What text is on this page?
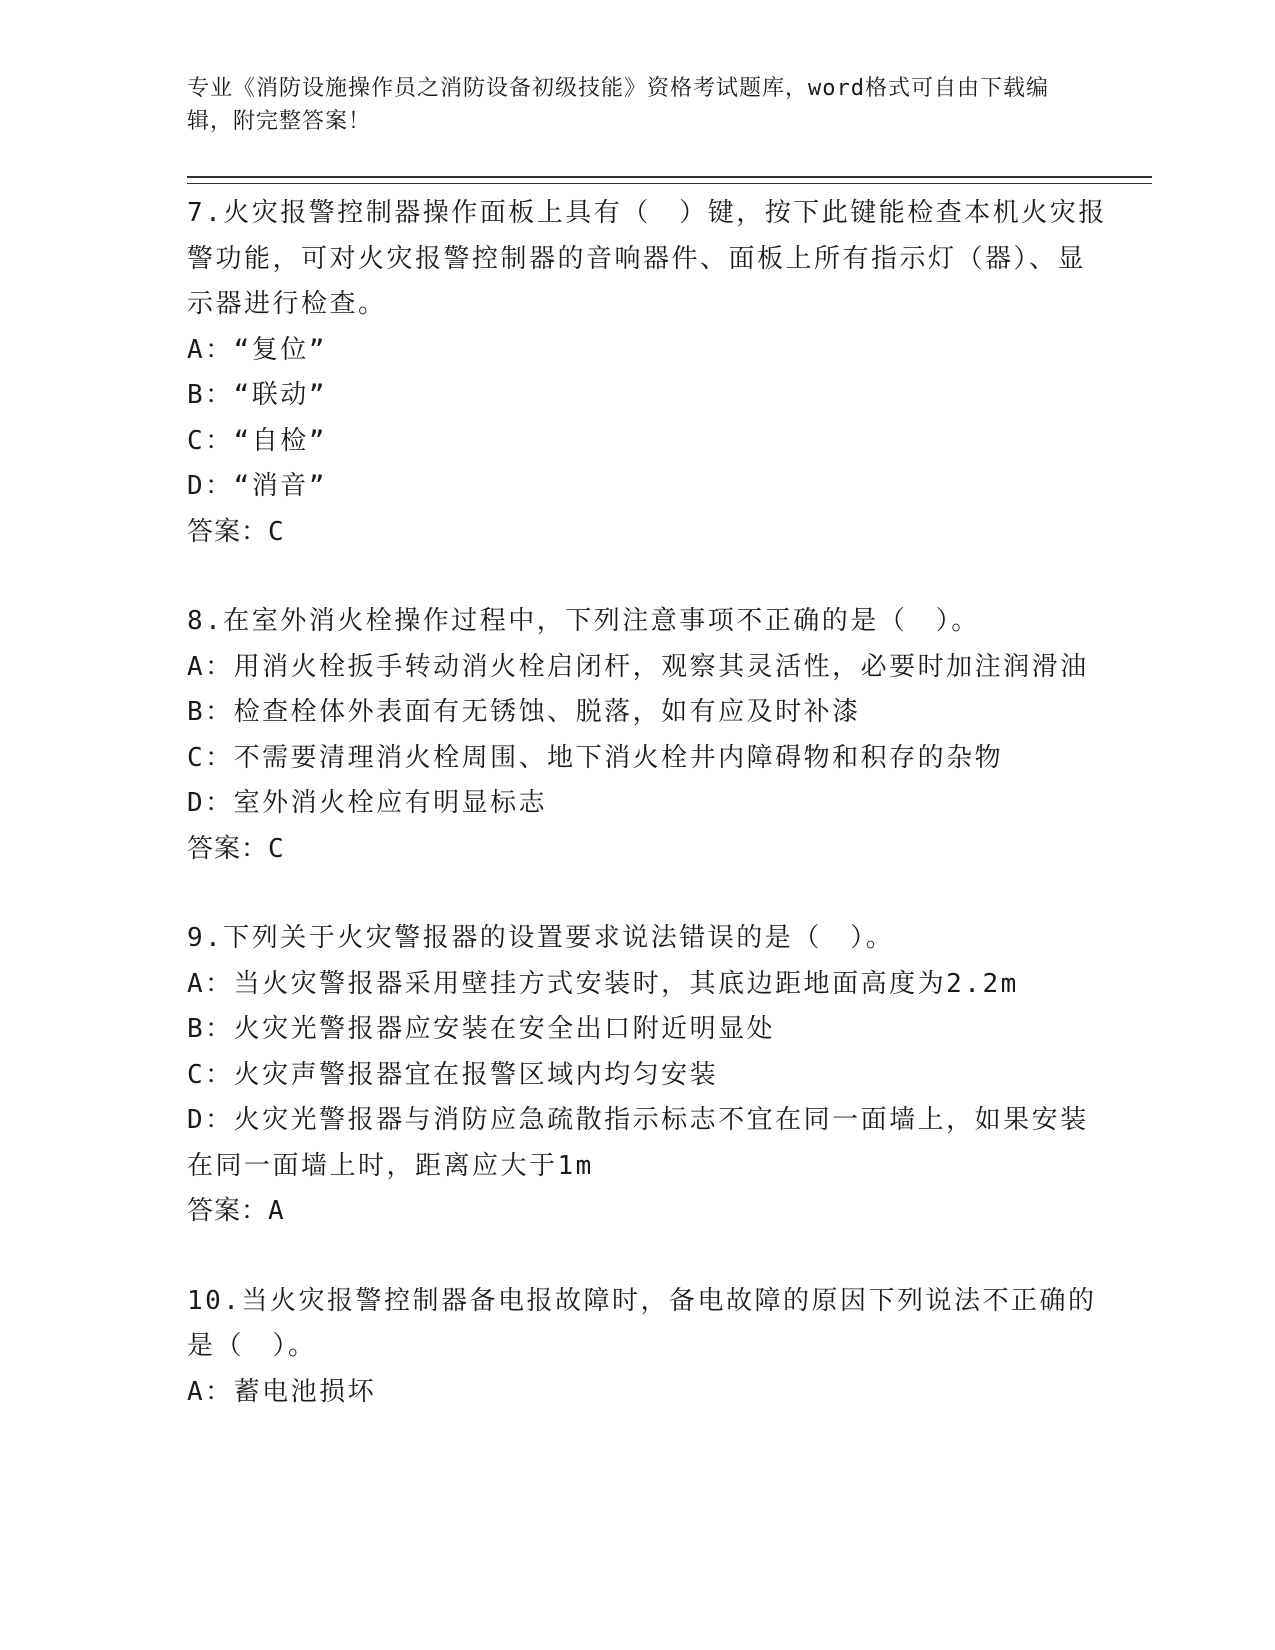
专业《消防设施操作员之消防设备初级技能》资格考试题库，word格式可自由下载编辑，附完整答案！

7.火灾报警控制器操作面板上具有（　）键，按下此键能检查本机火灾报警功能，可对火灾报警控制器的音响器件、面板上所有指示灯（器）、显示器进行检查。

A：“复位”

B：“联动”

C：“自检”

D：“消音”

答案：C

8.在室外消火栓操作过程中，下列注意事项不正确的是（　）。

A：用消火栓扳手转动消火栓启闭杆，观察其灵活性，必要时加注润滑油

B：检查栓体外表面有无锈蚀、脱落，如有应及时补漆

C：不需要清理消火栓周围、地下消火栓井内障碍物和积存的杂物

D：室外消火栓应有明显标志

答案：C

9.下列关于火灾警报器的设置要求说法错误的是（　）。

A：当火灾警报器采用壁挂方式安装时，其底边距地面高度为2.2m

B：火灾光警报器应安装在安全出口附近明显处

C：火灾声警报器宜在报警区域内均匀安装

D：火灾光警报器与消防应急疏散指示标志不宜在同一面墙上，如果安装在同一面墙上时，距离应大于1m

答案：A

10.当火灾报警控制器备电报故障时，备电故障的原因下列说法不正确的是（　）。

A：蓄电池损坏
